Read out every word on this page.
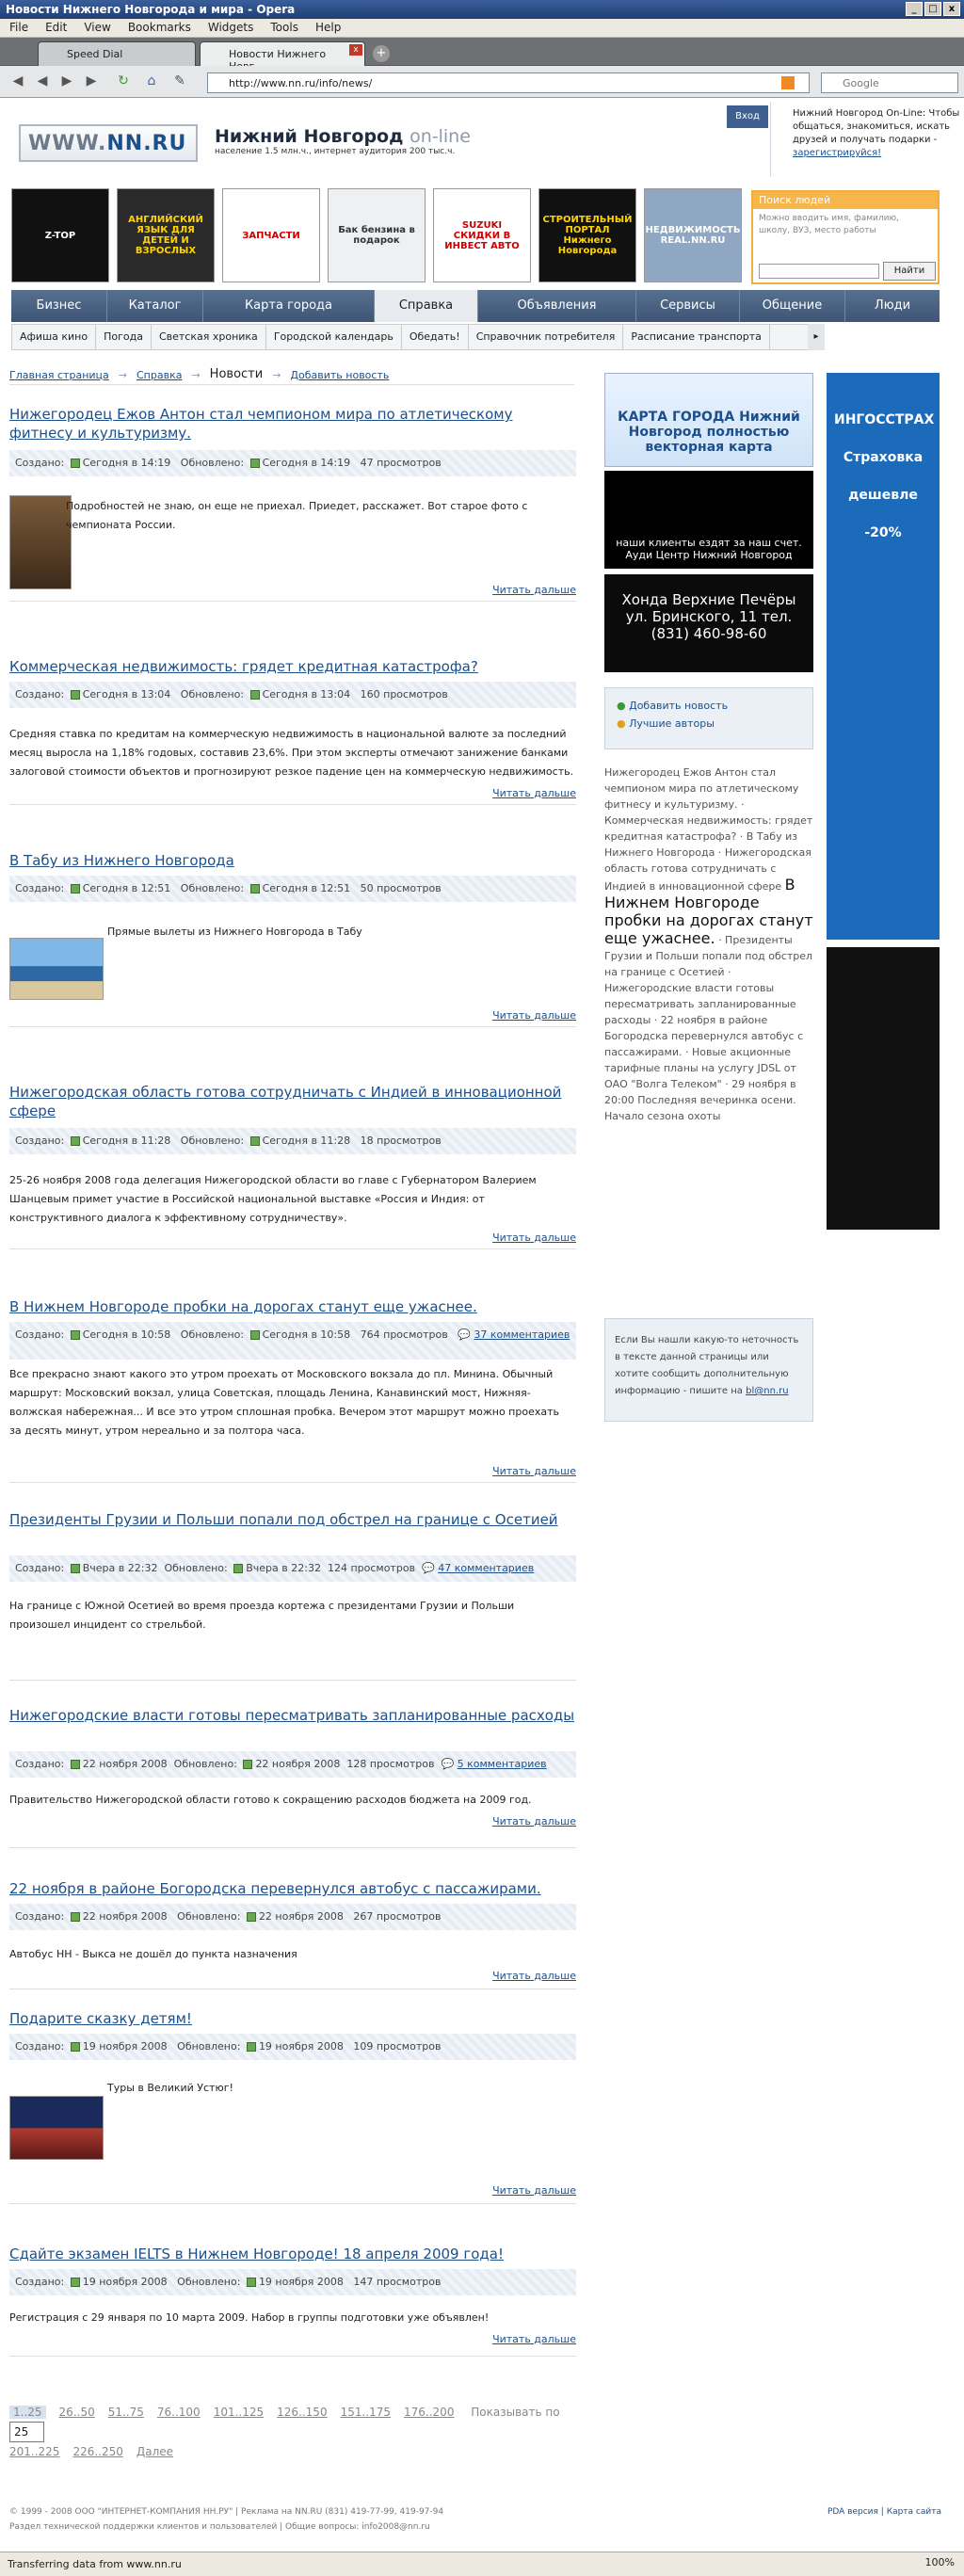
Новости Нижнего Новгорода и мира - Opera	_	□	x
File Edit View Bookmarks Widgets Tools Help
Speed Dial	Новости Нижнего	x	+
◀	◀	▶	▶	↻	⌂	✎	http://www.nn.ru/info/news/	Google
WWW.NN.RU	Нижний Новгород on-line
население 1.5 млн.ч., интернет аудитория 200 тыс.ч.
Вход	Нижний Новгород On-Line: Чтобы общаться, знакомиться, искать друзей и получать подарки - зарегистрируйся!
Z-TOP
АНГЛИЙСКИЙ ЯЗЫК ДЛЯ ДЕТЕЙ И ВЗРОСЛЫХ
ЗАПЧАСТИ	Бак бензина в подарок
SUZUKI СКИДКИ В ИНВЕСТ АВТО
СТРОИТЕЛЬНЫЙ ПОРТАЛ Нижнего Новгорода
НЕДВИЖИМОСТЬ REAL.NN.RU
Поиск людей
Можно вводить имя, фамилию, школу, ВУЗ, место работы
Найти
Бизнес	Каталог	Карта города	Справка	Объявления	Сервисы	Общение	Люди
Афиша кино	Погода	Светская хроника	Городской календарь	Обедать!	Справочник потребителя	Расписание транспорта	▸
Главная страница → Справка → Новости → Добавить новость
Нижегородец Ежов Антон стал чемпионом мира по атлетическому фитнесу и культуризму.
Создано: Сегодня в 14:19 Обновлено: Сегодня в 14:19 47 просмотров
Подробностей не знаю, он еще не приехал. Приедет, расскажет. Вот старое фото с чемпионата России.
Читать дальше
Коммерческая недвижимость: грядет кредитная катастрофа?
Создано: Сегодня в 13:04 Обновлено: Сегодня в 13:04 160 просмотров
Средняя ставка по кредитам на коммерческую недвижимость в национальной валюте за последний месяц выросла на 1,18% годовых, составив 23,6%. При этом эксперты отмечают занижение банками залоговой стоимости объектов и прогнозируют резкое падение цен на коммерческую недвижимость.
Читать дальше
В Табу из Нижнего Новгорода
Создано: Сегодня в 12:51 Обновлено: Сегодня в 12:51 50 просмотров
Прямые вылеты из Нижнего Новгорода в Табу
Читать дальше
Нижегородская область готова сотрудничать с Индией в инновационной сфере
Создано: Сегодня в 11:28 Обновлено: Сегодня в 11:28 18 просмотров
25-26 ноября 2008 года делегация Нижегородской области во главе с Губернатором Валерием Шанцевым примет участие в Российской национальной выставке «Россия и Индия: от конструктивного диалога к эффективному сотрудничеству».
Читать дальше
В Нижнем Новгороде пробки на дорогах станут еще ужаснее.
Создано: Сегодня в 10:58 Обновлено: Сегодня в 10:58 764 просмотров 💬 37 комментариев
Все прекрасно знают какого это утром проехать от Московского вокзала до пл. Минина. Обычный маршрут: Московский вокзал, улица Советская, площадь Ленина, Канавинский мост, Нижняя-волжская набережная... И все это утром сплошная пробка. Вечером этот маршрут можно проехать за десять минут, утром нереально и за полтора часа.
Читать дальше
Президенты Грузии и Польши попали под обстрел на границе с Осетией
Создано: Вчера в 22:32 Обновлено: Вчера в 22:32 124 просмотров 💬 47 комментариев
На границе с Южной Осетией во время проезда кортежа с президентами Грузии и Польши произошел инцидент со стрельбой.
Нижегородские власти готовы пересматривать запланированные расходы
Создано: 22 ноября 2008 Обновлено: 22 ноября 2008 128 просмотров 💬 5 комментариев
Правительство Нижегородской области готово к сокращению расходов бюджета на 2009 год.
Читать дальше
22 ноября в районе Богородска перевернулся автобус с пассажирами.
Создано: 22 ноября 2008 Обновлено: 22 ноября 2008 267 просмотров
Автобус НН - Выкса не дошёл до пункта назначения
Читать дальше
Подарите сказку детям!
Создано: 19 ноября 2008 Обновлено: 19 ноября 2008 109 просмотров
Туры в Великий Устюг!
Читать дальше
Сдайте экзамен IELTS в Нижнем Новгороде! 18 апреля 2009 года!
Создано: 19 ноября 2008 Обновлено: 19 ноября 2008 147 просмотров
Регистрация с 29 января по 10 марта 2009. Набор в группы подготовки уже объявлен!
Читать дальше
1..25 26..50 51..75 76..100 101..125 126..150 151..175 176..200 Показывать по25
201..225 226..250 Далее
КАРТА ГОРОДА Нижний Новгород полностью векторная карта
наши клиенты ездят за наш счет. Ауди Центр Нижний Новгород
Хонда Верхние Печёры ул. Бринского, 11 тел. (831) 460-98-60
● Добавить новость
● Лучшие авторы
Нижегородец Ежов Антон стал чемпионом мира по атлетическому фитнесу и культуризму. · Коммерческая недвижимость: грядет кредитная катастрофа? · В Табу из Нижнего Новгорода · Нижегородская область готова сотрудничать с Индией в инновационной сфере В Нижнем Новгороде пробки на дорогах станут еще ужаснее. · Президенты Грузии и Польши попали под обстрел на границе с Осетией · Нижегородские власти готовы пересматривать запланированные расходы · 22 ноября в районе Богородска перевернулся автобус с пассажирами. · Новые акционные тарифные планы на услугу JDSL от ОАО "Волга Телеком" · 29 ноября в 20:00 Последняя вечеринка осени. Начало сезона охоты
Если Вы нашли какую-то неточность в тексте данной страницы или хотите сообщить дополнительную информацию - пишите на bl@nn.ru
ИНГОССТРАХ Страховка дешевле -20%
© 1999 - 2008 ООО "ИНТЕРНЕТ-КОМПАНИЯ НН.РУ" | Реклама на NN.RU (831) 419-77-99, 419-97-94
Раздел технической поддержки клиентов и пользователей | Общие вопросы: info2008@nn.ru
PDA версия | Карта сайта
Transferring data from www.nn.ru	100%
